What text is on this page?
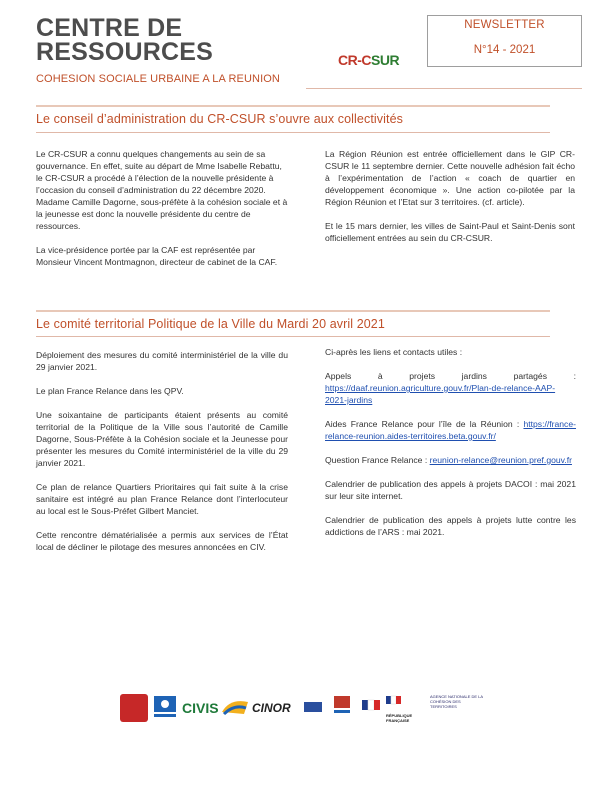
CENTRE DE
RESSOURCES
COHESION SOCIALE URBAINE A LA REUNION
CR-CSUR
NEWSLETTER
N°14 - 2021
Le conseil d’administration du CR-CSUR s’ouvre aux collectivités

Le CR-CSUR a connu quelques changements au sein de sa gouvernance. En effet, suite au départ de Mme Isabelle Rebattu, le CR-CSUR a procédé à l’élection de la nouvelle présidente à l’occasion du conseil d’administration du 22 décembre 2020. Madame Camille Dagorne, sous-préfète à la cohésion sociale et à la jeunesse est donc la nouvelle présidente du centre de ressources.

La vice-présidence portée par la CAF est représentée par Monsieur Vincent Montmagnon, directeur de cabinet de la CAF.

La Région Réunion est entrée officiellement dans le GIP CR-CSUR le 11 septembre dernier. Cette nouvelle adhésion fait écho à l’expérimentation de l’action « coach de quartier en développement économique ». Une action co-pilotée par la Région Réunion et l’Etat sur 3 territoires. (cf. article).

Et le 15 mars dernier, les villes de Saint-Paul et Saint-Denis sont officiellement entrées au sein du CR-CSUR.

Le comité territorial Politique de la Ville du Mardi 20 avril 2021

Déploiement des mesures du comité interministériel de la ville du 29 janvier 2021.

Le plan France Relance dans les QPV.

Une soixantaine de participants étaient présents au comité territorial de la Politique de la Ville sous l’autorité de Camille Dagorne, Sous-Préfète à la Cohésion sociale et la Jeunesse pour présenter les mesures du Comité interministériel de la ville du 29 janvier 2021.

Ce plan de relance Quartiers Prioritaires qui fait suite à la crise sanitaire est intégré au plan France Relance dont l’interlocuteur au local est le Sous-Préfet Gilbert Manciet.

Cette rencontre dématérialisée a permis aux services de l’État local de décliner le pilotage des mesures annoncées en CIV.

Ci-après les liens et contacts utiles :

Appels à projets jardins partagés : https://daaf.reunion.agriculture.gouv.fr/Plan-de-relance-AAP-2021-jardins

Aides France Relance pour l’île de la Réunion : https://france-relance-reunion.aides-territoires.beta.gouv.fr/

Question France Relance : reunion-relance@reunion.pref.gouv.fr

Calendrier de publication des appels à projets DACOI : mai 2021 sur leur site internet.

Calendrier de publication des appels à projets lutte contre les addictions de l’ARS : mai 2021.

CIVIS	CINOR
RÉPUBLIQUE FRANÇAISE
AGENCE NATIONALE DE LA COHÉSION DES TERRITOIRES
